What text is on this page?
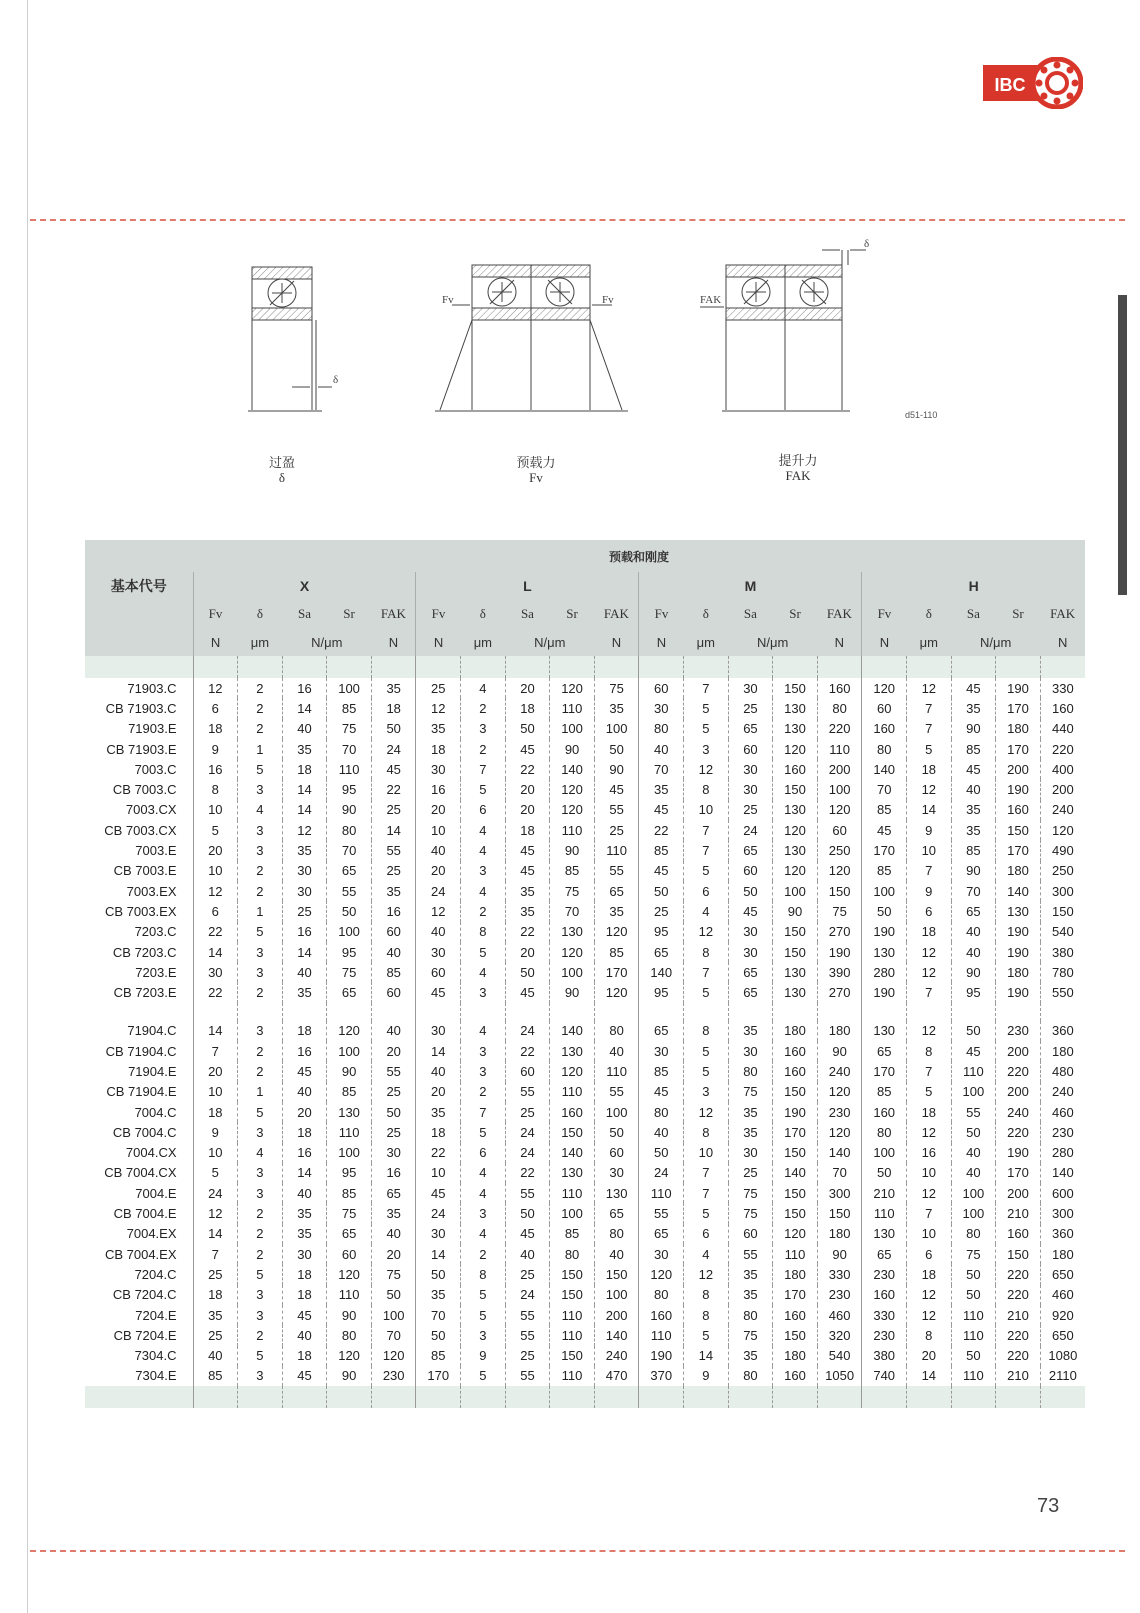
IBC
δ
Fv	Fv	FAK
δ
d51-110
过盈
δ
预载力
Fv
提升力
FAK
	预载和刚度																			
基本代号	X					L					M					H				
	Fv	δ	Sa	Sr	FAK	Fv	δ	Sa	Sr	FAK	Fv	δ	Sa	Sr	FAK	Fv	δ	Sa	Sr	FAK
	N	μm	N/μm		N	N	μm	N/μm		N	N	μm	N/μm		N	N	μm	N/μm		N

71903.C	12	2	16	100	35	25	4	20	120	75	60	7	30	150	160	120	12	45	190	330
CB 71903.C	6	2	14	85	18	12	2	18	110	35	30	5	25	130	80	60	7	35	170	160
71903.E	18	2	40	75	50	35	3	50	100	100	80	5	65	130	220	160	7	90	180	440
CB 71903.E	9	1	35	70	24	18	2	45	90	50	40	3	60	120	110	80	5	85	170	220
7003.C	16	5	18	110	45	30	7	22	140	90	70	12	30	160	200	140	18	45	200	400
CB 7003.C	8	3	14	95	22	16	5	20	120	45	35	8	30	150	100	70	12	40	190	200
7003.CX	10	4	14	90	25	20	6	20	120	55	45	10	25	130	120	85	14	35	160	240
CB 7003.CX	5	3	12	80	14	10	4	18	110	25	22	7	24	120	60	45	9	35	150	120
7003.E	20	3	35	70	55	40	4	45	90	110	85	7	65	130	250	170	10	85	170	490
CB 7003.E	10	2	30	65	25	20	3	45	85	55	45	5	60	120	120	85	7	90	180	250
7003.EX	12	2	30	55	35	24	4	35	75	65	50	6	50	100	150	100	9	70	140	300
CB 7003.EX	6	1	25	50	16	12	2	35	70	35	25	4	45	90	75	50	6	65	130	150
7203.C	22	5	16	100	60	40	8	22	130	120	95	12	30	150	270	190	18	40	190	540
CB 7203.C	14	3	14	95	40	30	5	20	120	85	65	8	30	150	190	130	12	40	190	380
7203.E	30	3	40	75	85	60	4	50	100	170	140	7	65	130	390	280	12	90	180	780
CB 7203.E	22	2	35	65	60	45	3	45	90	120	95	5	65	130	270	190	7	95	190	550

71904.C	14	3	18	120	40	30	4	24	140	80	65	8	35	180	180	130	12	50	230	360
CB 71904.C	7	2	16	100	20	14	3	22	130	40	30	5	30	160	90	65	8	45	200	180
71904.E	20	2	45	90	55	40	3	60	120	110	85	5	80	160	240	170	7	110	220	480
CB 71904.E	10	1	40	85	25	20	2	55	110	55	45	3	75	150	120	85	5	100	200	240
7004.C	18	5	20	130	50	35	7	25	160	100	80	12	35	190	230	160	18	55	240	460
CB 7004.C	9	3	18	110	25	18	5	24	150	50	40	8	35	170	120	80	12	50	220	230
7004.CX	10	4	16	100	30	22	6	24	140	60	50	10	30	150	140	100	16	40	190	280
CB 7004.CX	5	3	14	95	16	10	4	22	130	30	24	7	25	140	70	50	10	40	170	140
7004.E	24	3	40	85	65	45	4	55	110	130	110	7	75	150	300	210	12	100	200	600
CB 7004.E	12	2	35	75	35	24	3	50	100	65	55	5	75	150	150	110	7	100	210	300
7004.EX	14	2	35	65	40	30	4	45	85	80	65	6	60	120	180	130	10	80	160	360
CB 7004.EX	7	2	30	60	20	14	2	40	80	40	30	4	55	110	90	65	6	75	150	180
7204.C	25	5	18	120	75	50	8	25	150	150	120	12	35	180	330	230	18	50	220	650
CB 7204.C	18	3	18	110	50	35	5	24	150	100	80	8	35	170	230	160	12	50	220	460
7204.E	35	3	45	90	100	70	5	55	110	200	160	8	80	160	460	330	12	110	210	920
CB 7204.E	25	2	40	80	70	50	3	55	110	140	110	5	75	150	320	230	8	110	220	650
7304.C	40	5	18	120	120	85	9	25	150	240	190	14	35	180	540	380	20	50	220	1080
7304.E	85	3	45	90	230	170	5	55	110	470	370	9	80	160	1050	740	14	110	210	2110

73
